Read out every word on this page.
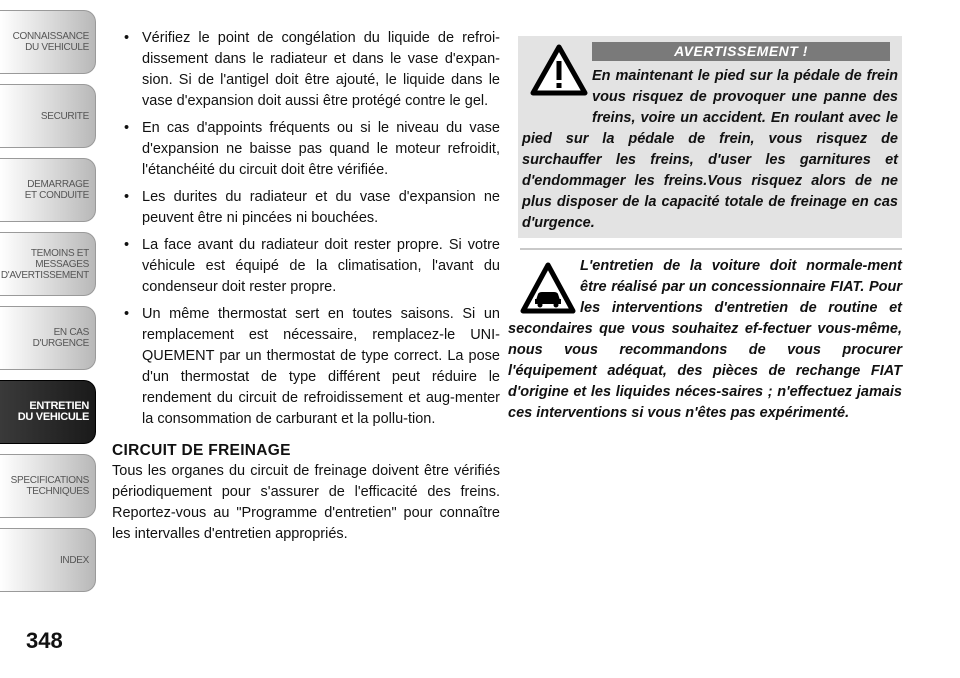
CONNAISSANCE
DU VEHICULE
SECURITE
DEMARRAGE
ET CONDUITE
TEMOINS ET
MESSAGES
D'AVERTISSEMENT
EN CAS
D'URGENCE
ENTRETIEN
DU VEHICULE
SPECIFICATIONS
TECHNIQUES
INDEX
348
• Vérifiez le point de congélation du liquide de refroi-dissement dans le radiateur et dans le vase d'expan-sion. Si de l'antigel doit être ajouté, le liquide dans le vase d'expansion doit aussi être protégé contre le gel.
• En cas d'appoints fréquents ou si le niveau du vase d'expansion ne baisse pas quand le moteur refroidit, l'étanchéité du circuit doit être vérifiée.
• Les durites du radiateur et du vase d'expansion ne peuvent être ni pincées ni bouchées.
• La face avant du radiateur doit rester propre. Si votre véhicule est équipé de la climatisation, l'avant du condenseur doit rester propre.
• Un même thermostat sert en toutes saisons. Si un remplacement est nécessaire, remplacez-le UNI-QUEMENT par un thermostat de type correct. La pose d'un thermostat de type différent peut réduire le rendement du circuit de refroidissement et aug-menter la consommation de carburant et la pollu-tion.
CIRCUIT DE FREINAGE

Tous les organes du circuit de freinage doivent être vérifiés périodiquement pour s'assurer de l'efficacité des freins. Reportez-vous au "Programme d'entretien" pour connaître les intervalles d'entretien appropriés.

AVERTISSEMENT !
En maintenant le pied sur la pédale de frein vous risquez de provoquer une panne des freins, voire un accident. En roulant avec le pied sur la pédale de frein, vous risquez de surchauffer les freins, d'user les garnitures et d'endommager les freins.Vous risquez alors de ne plus disposer de la capacité totale de freinage en cas d'urgence.
L'entretien de la voiture doit normale-ment être réalisé par un concessionnaire FIAT. Pour les interventions d'entretien de routine et secondaires que vous souhaitez ef-fectuer vous-même, nous vous recommandons de vous procurer l'équipement adéquat, des pièces de rechange FIAT d'origine et les liquides néces-saires ; n'effectuez jamais ces interventions si vous n'êtes pas expérimenté.
